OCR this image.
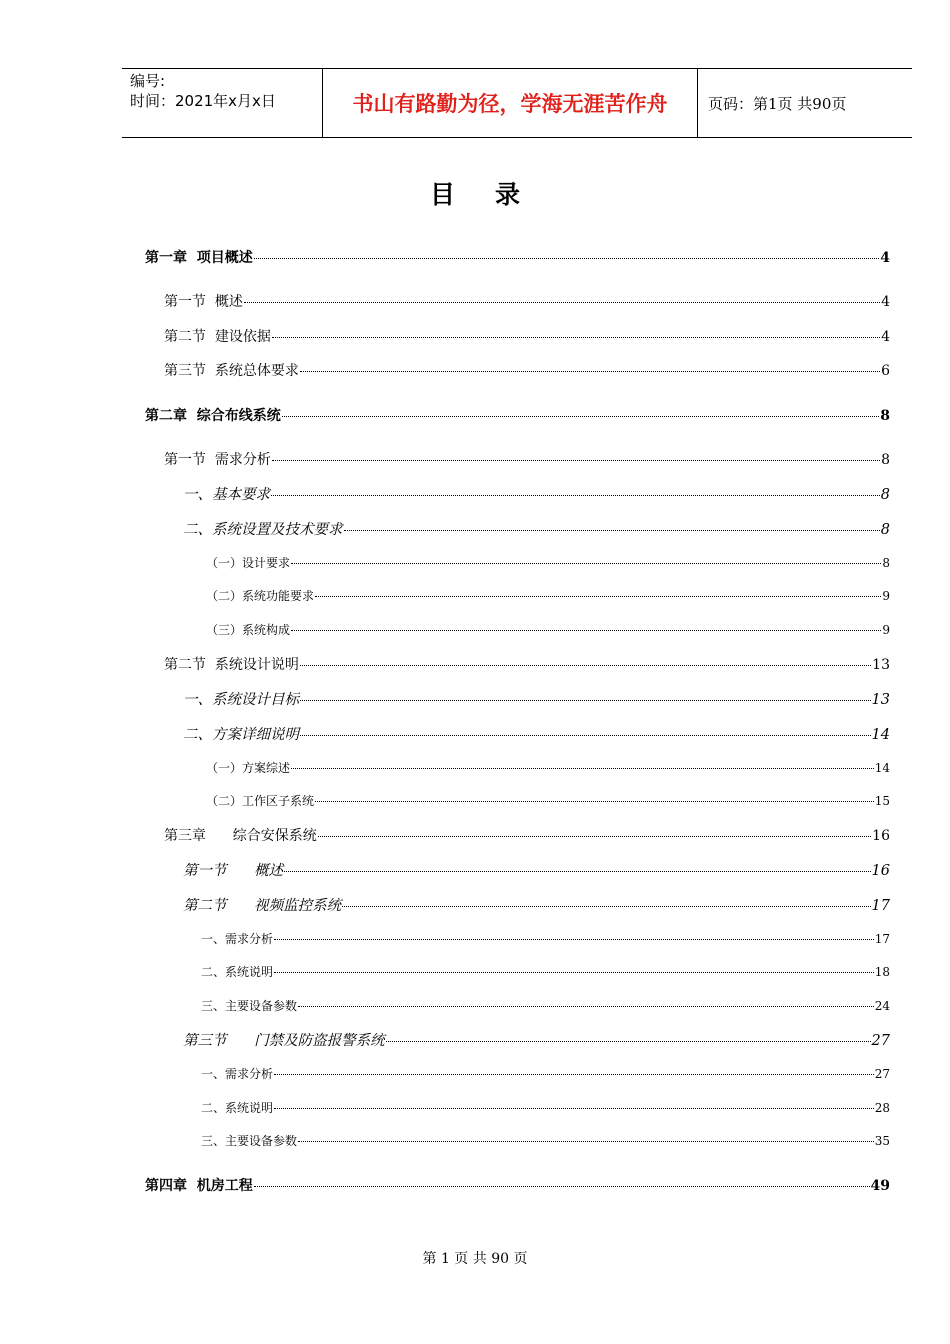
编号:
时间：2021年x月x日	书山有路勤为径，学海无涯苦作舟	页码：第1页 共90页
目录
第一章  项目概述	4
第一节  概述	4
第二节  建设依据	4
第三节  系统总体要求	6
第二章  综合布线系统	8
第一节  需求分析	8
一、基本要求	8
二、系统设置及技术要求	8
（一）设计要求	8
（二）系统功能要求	9
（三）系统构成	9
第二节  系统设计说明	13
一、系统设计目标	13
二、方案详细说明	14
（一）方案综述	14
（二）工作区子系统	15
第三章      综合安保系统	16
第一节      概述	16
第二节      视频监控系统	17
一、需求分析	17
二、系统说明	18
三、主要设备参数	24
第三节      门禁及防盗报警系统	27
一、需求分析	27
二、系统说明	28
三、主要设备参数	35
第四章  机房工程	49
第 1 页 共 90 页
